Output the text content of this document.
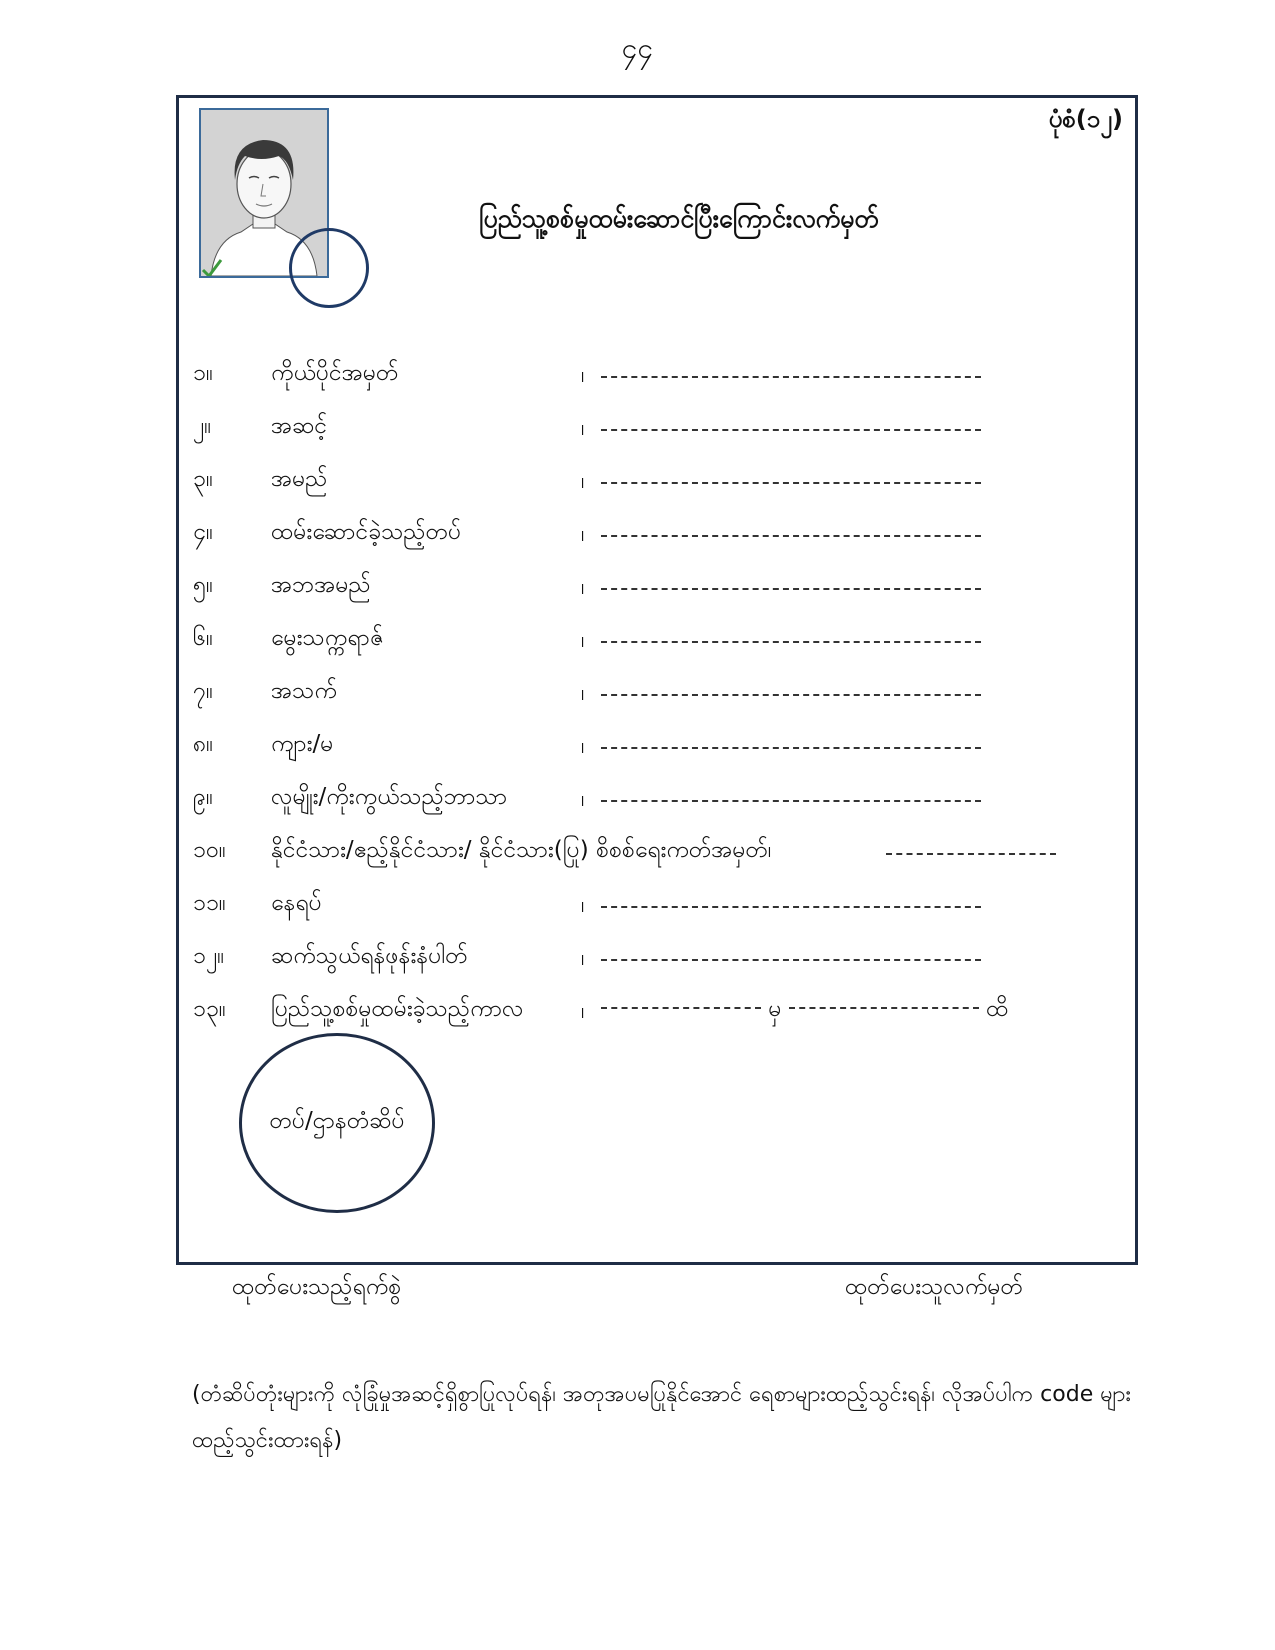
၄၄
ပုံစံ(၁၂)
ပြည်သူ့စစ်မှုထမ်းဆောင်ပြီးကြောင်းလက်မှတ်
၁။	ကိုယ်ပိုင်အမှတ်	၊
၂။	အဆင့်	၊
၃။	အမည်	၊
၄။	ထမ်းဆောင်ခဲ့သည့်တပ်	၊
၅။	အဘအမည်	၊
၆။	မွေးသက္ကရာဇ်	၊
၇။	အသက်	၊
၈။	ကျား/မ	၊
၉။	လူမျိုး/ကိုးကွယ်သည့်ဘာသာ	၊
၁၀။	နိုင်ငံသား/ဧည့်နိုင်ငံသား/ နိုင်ငံသား(ပြု) စိစစ်ရေးကတ်အမှတ်၊
၁၁။	နေရပ်	၊
၁၂။	ဆက်သွယ်ရန်ဖုန်းနံပါတ်	၊
၁၃။	ပြည်သူ့စစ်မှုထမ်းခဲ့သည့်ကာလ ၊	မှ	ထိ
တပ်/ဌာနတံဆိပ်
ထုတ်ပေးသည့်ရက်စွဲ	ထုတ်ပေးသူလက်မှတ်
(တံဆိပ်တုံးများကို လုံခြုံမှုအဆင့်ရှိစွာပြုလုပ်ရန်၊ အတုအပမပြုနိုင်အောင် ရေစာများထည့်သွင်းရန်၊ လိုအပ်ပါက code များထည့်သွင်းထားရန်)
